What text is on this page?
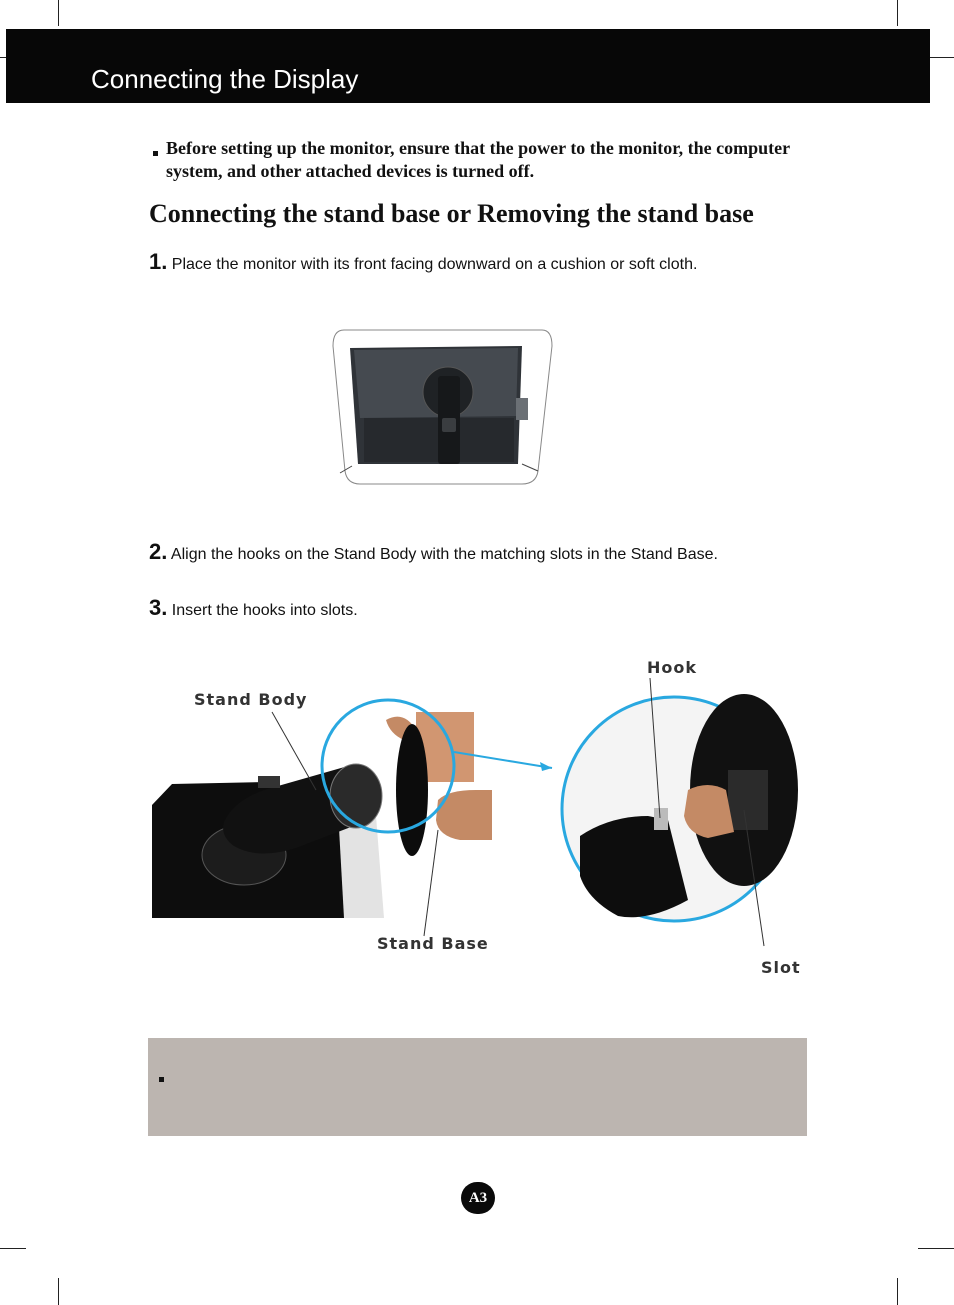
Connecting the Display
Before setting up the monitor, ensure that the power to the monitor, the computer system, and other attached devices is turned off.
Connecting the stand base or Removing the stand base
1. Place the monitor with its front facing downward on a cushion or soft cloth.
2. Align the hooks on the Stand Body with the matching slots in the Stand Base.
3. Insert the hooks into slots.
Stand Body
Stand Base
Hook
Slot
A3
